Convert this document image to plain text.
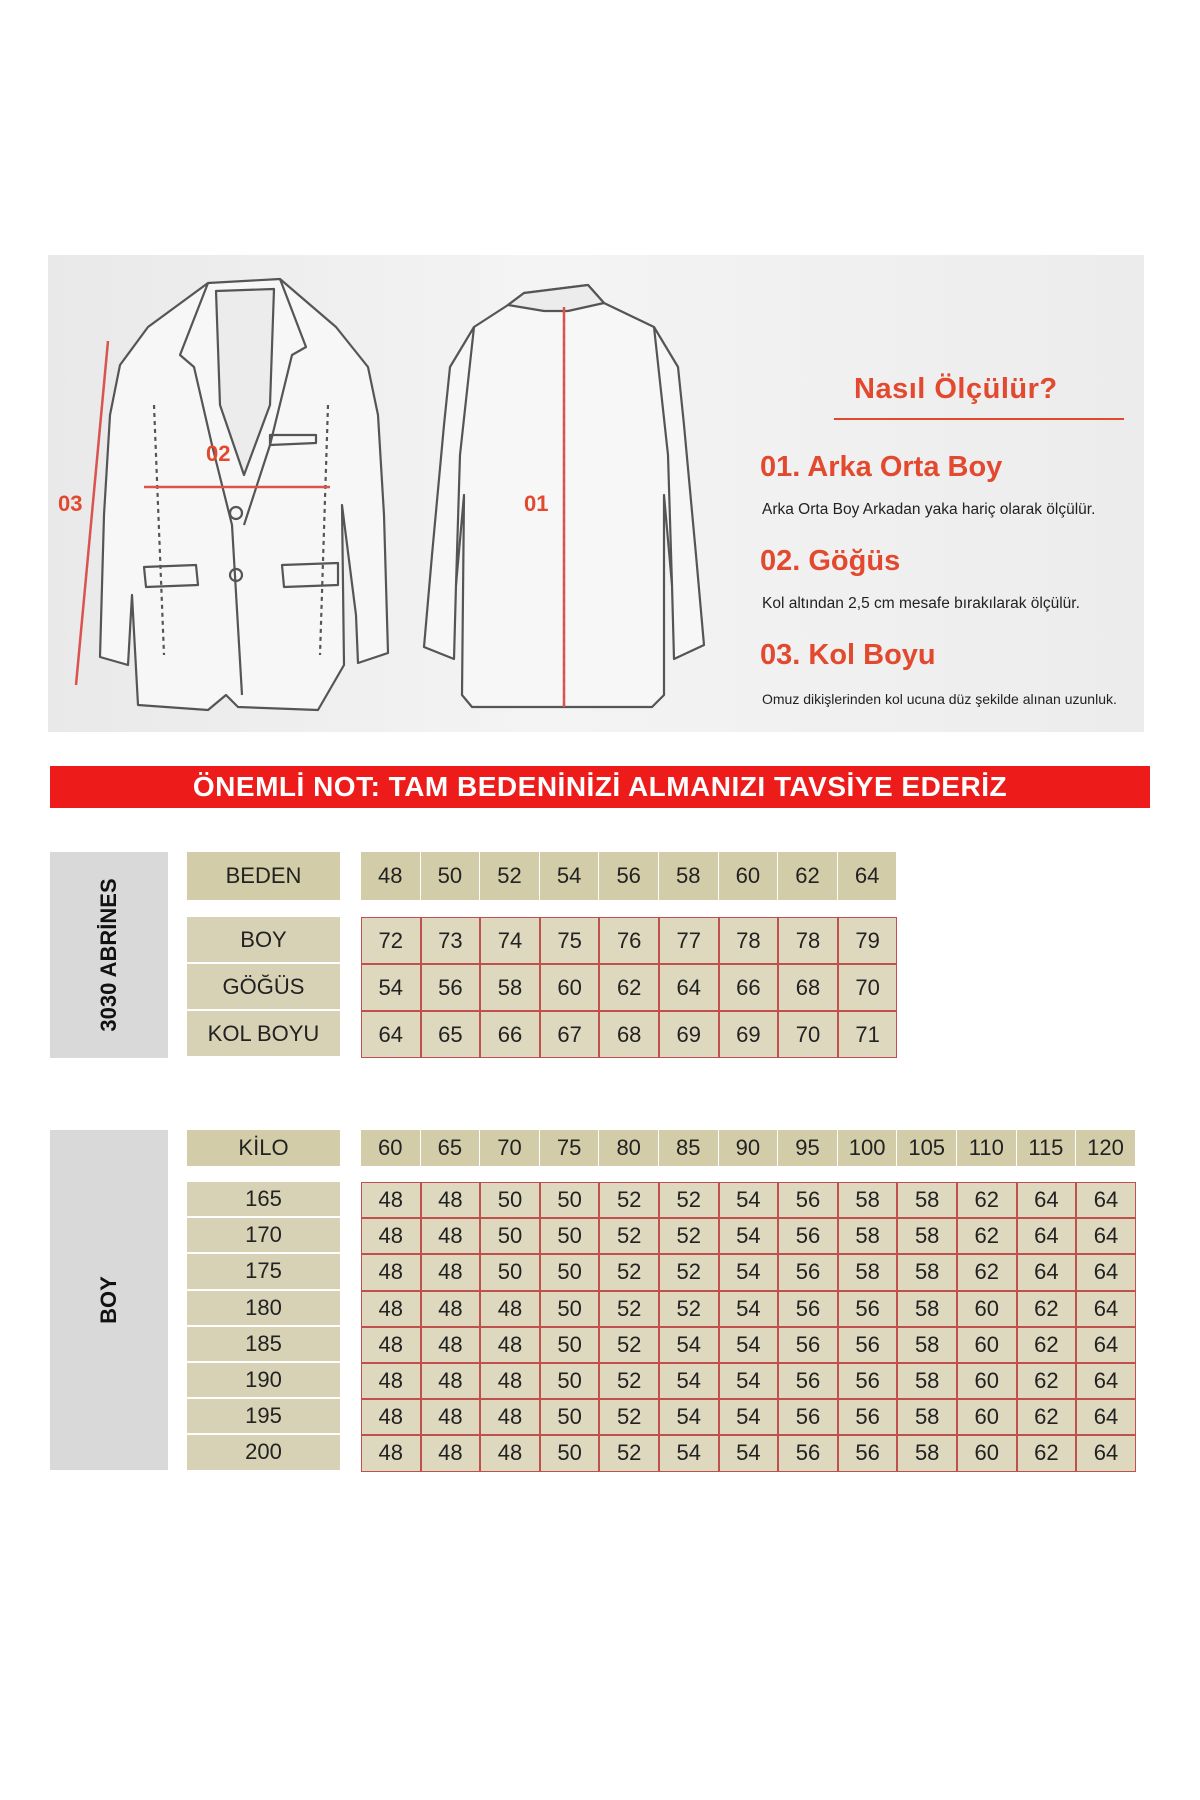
01
02
03
Nasıl Ölçülür?
01. Arka Orta Boy
Arka Orta Boy Arkadan yaka hariç olarak ölçülür.
02. Göğüs
Kol altından 2,5 cm mesafe bırakılarak ölçülür.
03. Kol Boyu
Omuz dikişlerinden kol ucuna düz şekilde alınan uzunluk.
ÖNEMLİ NOT: TAM BEDENİNİZİ ALMANIZI TAVSİYE EDERİZ
3030 ABRİNES
BEDEN	48	50	52	54	56	58	60	62	64
BOY	72	73	74	75	76	77	78	78	79
GÖĞÜS	54	56	58	60	62	64	66	68	70
KOL BOYU	64	65	66	67	68	69	69	70	71
BOY
KİLO	60	65	70	75	80	85	90	95	100	105	110	115	120
165	48	48	50	50	52	52	54	56	58	58	62	64	64
170	48	48	50	50	52	52	54	56	58	58	62	64	64
175	48	48	50	50	52	52	54	56	58	58	62	64	64
180	48	48	48	50	52	52	54	56	56	58	60	62	64
185	48	48	48	50	52	54	54	56	56	58	60	62	64
190	48	48	48	50	52	54	54	56	56	58	60	62	64
195	48	48	48	50	52	54	54	56	56	58	60	62	64
200	48	48	48	50	52	54	54	56	56	58	60	62	64
